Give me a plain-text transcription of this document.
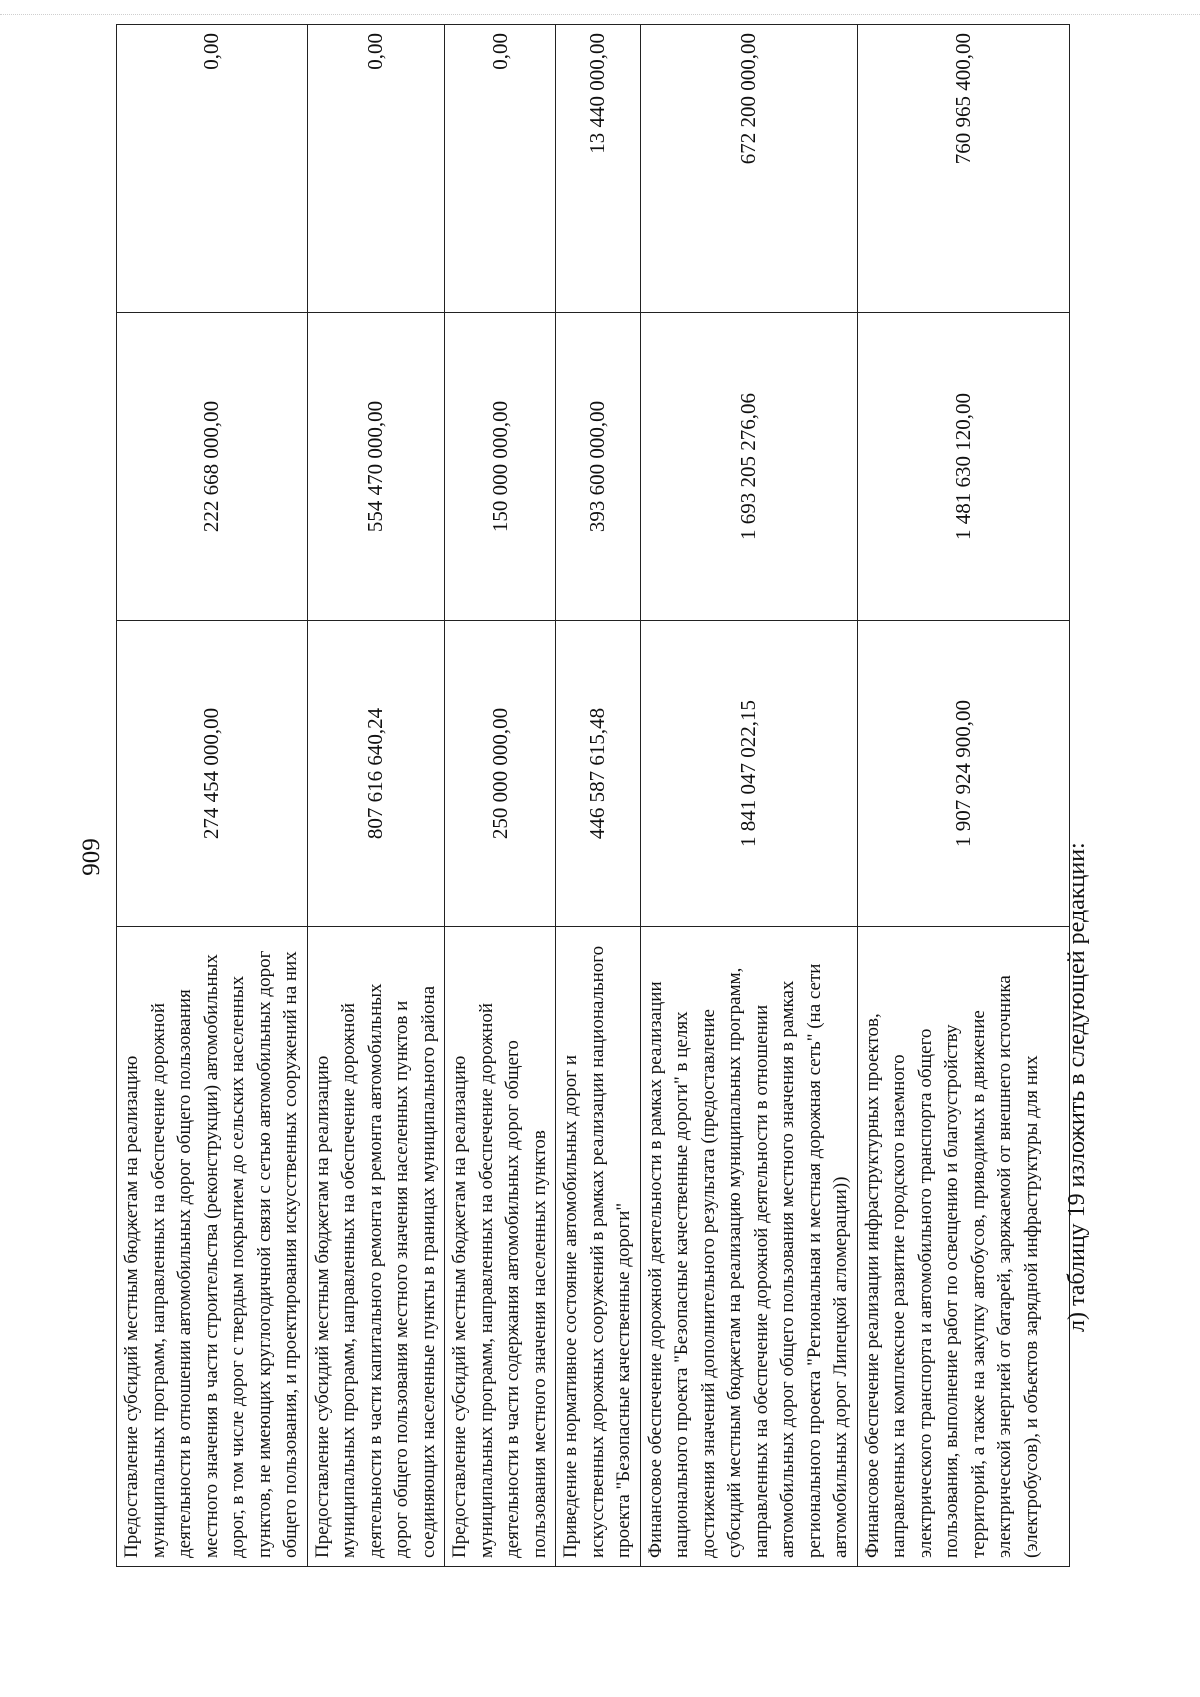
909
Предоставление субсидий местным бюджетам на реализацию муниципальных программ, направленных на обеспечение дорожной деятельности в отношении автомобильных дорог общего пользования местного значения в части строительства (реконструкции) автомобильных дорог, в том числе дорог с твердым покрытием до сельских населенных пунктов, не имеющих круглогодичной связи с сетью автомобильных дорог общего пользования, и проектирования искусственных сооружений на них	274 454 000,00	222 668 000,00	0,00
Предоставление субсидий местным бюджетам на реализацию муниципальных программ, направленных на обеспечение дорожной деятельности в части капитального ремонта и ремонта автомобильных дорог общего пользования местного значения населенных пунктов и соединяющих населенные пункты в границах муниципального района	807 616 640,24	554 470 000,00	0,00
Предоставление субсидий местным бюджетам на реализацию муниципальных программ, направленных на обеспечение дорожной деятельности в части содержания автомобильных дорог общего пользования местного значения населенных пунктов	250 000 000,00	150 000 000,00	0,00
Приведение в нормативное состояние автомобильных дорог и искусственных дорожных сооружений в рамках реализации национального проекта "Безопасные качественные дороги"	446 587 615,48	393 600 000,00	13 440 000,00
Финансовое обеспечение дорожной деятельности в рамках реализации национального проекта "Безопасные качественные дороги" в целях достижения значений дополнительного результата (предоставление субсидий местным бюджетам на реализацию муниципальных программ, направленных на обеспечение дорожной деятельности в отношении автомобильных дорог общего пользования местного значения в рамках регионального проекта "Региональная и местная дорожная сеть" (на сети автомобильных дорог Липецкой агломерации))	1 841 047 022,15	1 693 205 276,06	672 200 000,00
Финансовое обеспечение реализации инфраструктурных проектов, направленных на комплексное развитие городского наземного электрического транспорта и автомобильного транспорта общего пользования, выполнение работ по освещению и благоустройству территорий, а также на закупку автобусов, приводимых в движение электрической энергией от батарей, заряжаемой от внешнего источника (электробусов), и объектов зарядной инфраструктуры для них	1 907 924 900,00	1 481 630 120,00	760 965 400,00
л) таблицу 19 изложить в следующей редакции:
